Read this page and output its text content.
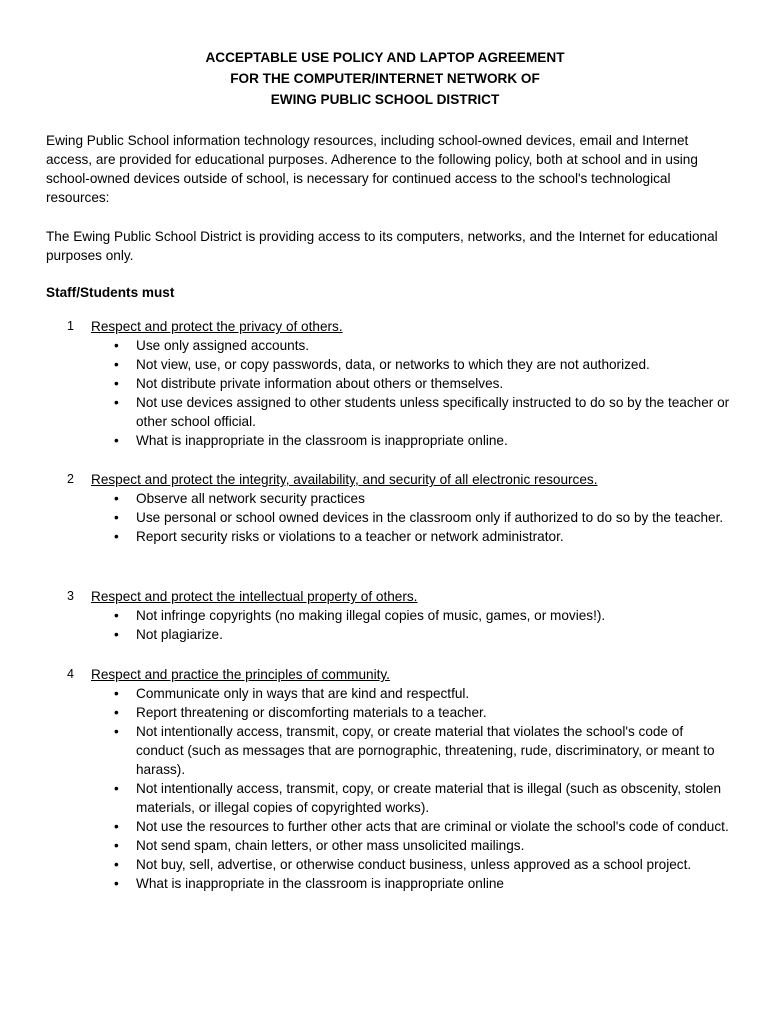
ACCEPTABLE USE POLICY AND LAPTOP AGREEMENT
FOR THE COMPUTER/INTERNET NETWORK OF
EWING PUBLIC SCHOOL DISTRICT
Ewing Public School information technology resources, including school-owned devices, email and Internet access, are provided for educational purposes. Adherence to the following policy, both at school and in using school-owned devices outside of school, is necessary for continued access to the school's technological resources:
The Ewing Public School District is providing access to its computers, networks, and the Internet for educational purposes only.
Staff/Students must
1 Respect and protect the privacy of others.
• Use only assigned accounts.
• Not view, use, or copy passwords, data, or networks to which they are not authorized.
• Not distribute private information about others or themselves.
• Not use devices assigned to other students unless specifically instructed to do so by the teacher or other school official.
• What is inappropriate in the classroom is inappropriate online.
2 Respect and protect the integrity, availability, and security of all electronic resources.
• Observe all network security practices
• Use personal or school owned devices in the classroom only if authorized to do so by the teacher.
• Report security risks or violations to a teacher or network administrator.
3 Respect and protect the intellectual property of others.
• Not infringe copyrights (no making illegal copies of music, games, or movies!).
• Not plagiarize.
4 Respect and practice the principles of community.
• Communicate only in ways that are kind and respectful.
• Report threatening or discomforting materials to a teacher.
• Not intentionally access, transmit, copy, or create material that violates the school's code of conduct (such as messages that are pornographic, threatening, rude, discriminatory, or meant to harass).
• Not intentionally access, transmit, copy, or create material that is illegal (such as obscenity, stolen materials, or illegal copies of copyrighted works).
• Not use the resources to further other acts that are criminal or violate the school's code of conduct.
• Not send spam, chain letters, or other mass unsolicited mailings.
• Not buy, sell, advertise, or otherwise conduct business, unless approved as a school project.
• What is inappropriate in the classroom is inappropriate online
